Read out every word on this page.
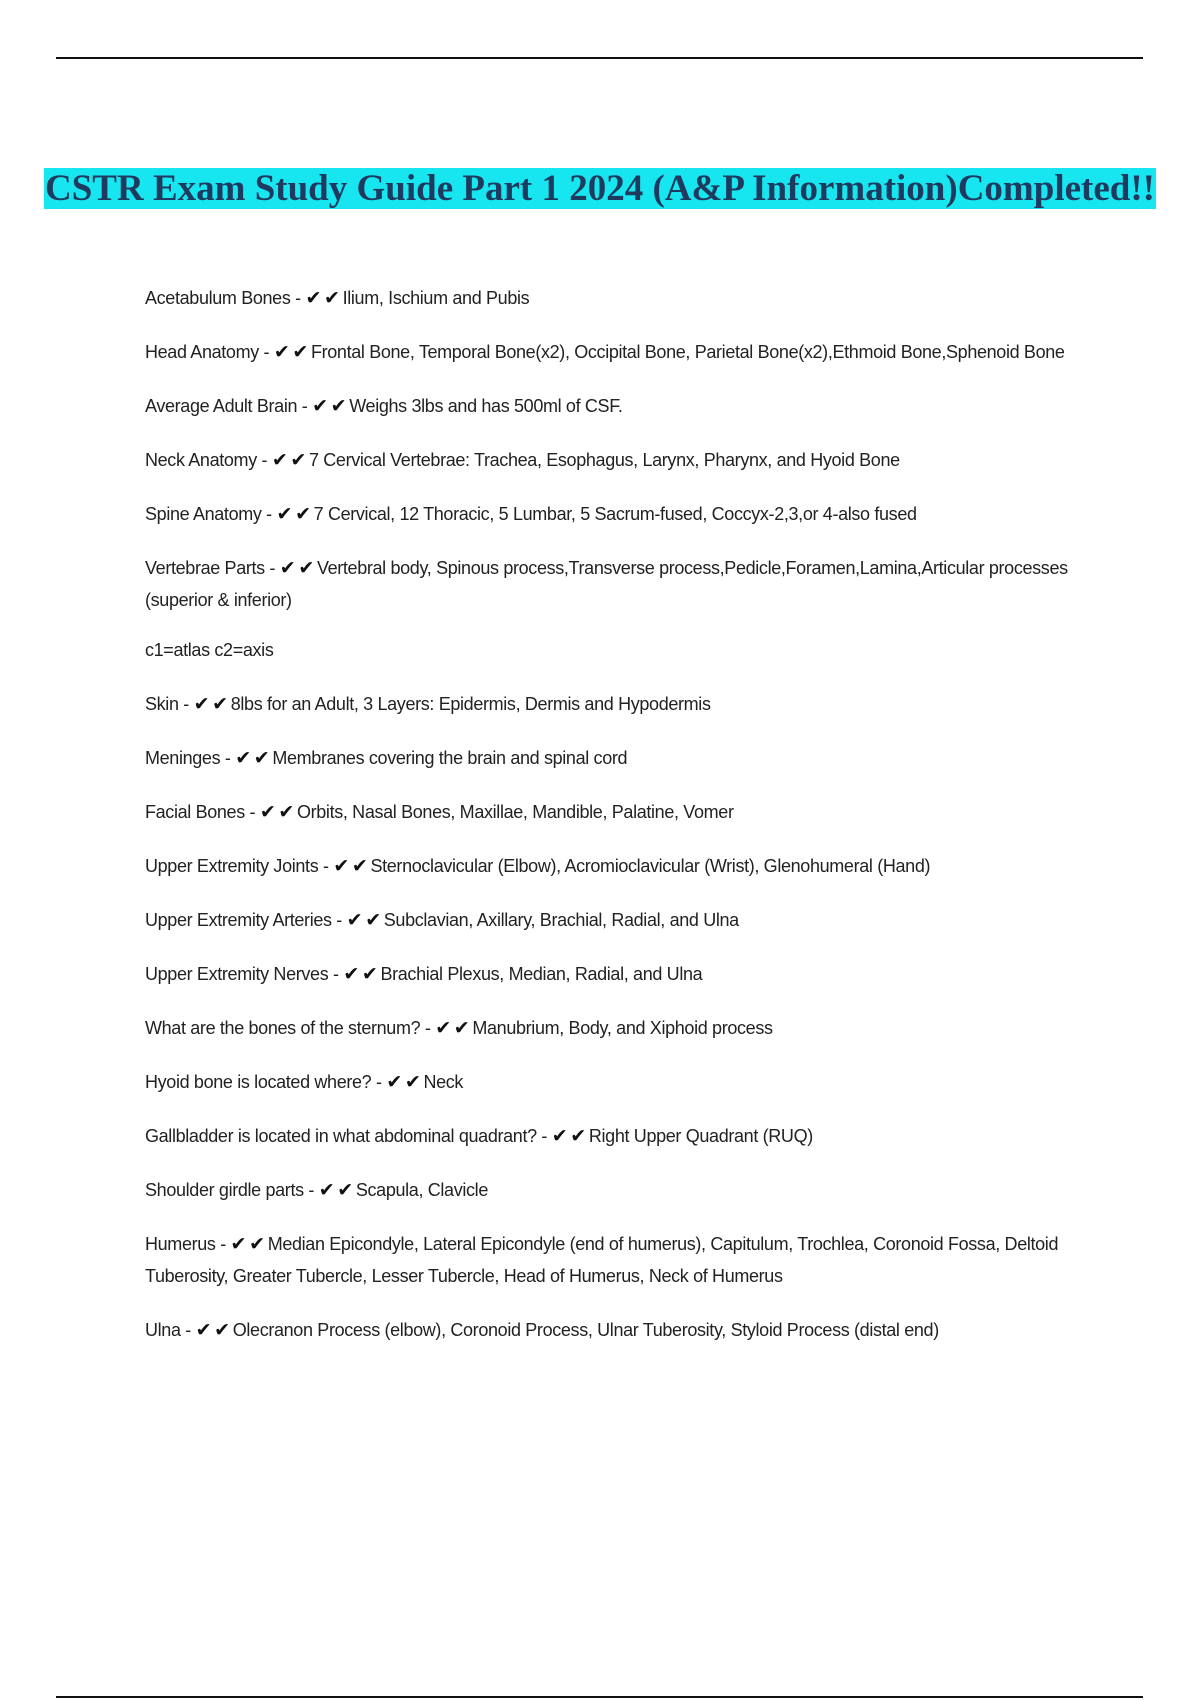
CSTR Exam Study Guide Part 1 2024 (A&P Information)Completed!!

Acetabulum Bones - ✔ ✔ Ilium, Ischium and Pubis

Head Anatomy - ✔ ✔ Frontal Bone, Temporal Bone(x2), Occipital Bone, Parietal Bone(x2),Ethmoid Bone,Sphenoid Bone

Average Adult Brain - ✔ ✔ Weighs 3lbs and has 500ml of CSF.

Neck Anatomy - ✔ ✔ 7 Cervical Vertebrae: Trachea, Esophagus, Larynx, Pharynx, and Hyoid Bone

Spine Anatomy - ✔ ✔ 7 Cervical, 12 Thoracic, 5 Lumbar, 5 Sacrum-fused, Coccyx-2,3,or 4-also fused

Vertebrae Parts - ✔ ✔ Vertebral body, Spinous process,Transverse process,Pedicle,Foramen,Lamina,Articular processes (superior & inferior)

c1=atlas c2=axis

Skin - ✔ ✔ 8lbs for an Adult, 3 Layers: Epidermis, Dermis and Hypodermis

Meninges - ✔ ✔ Membranes covering the brain and spinal cord

Facial Bones - ✔ ✔ Orbits, Nasal Bones, Maxillae, Mandible, Palatine, Vomer

Upper Extremity Joints - ✔ ✔ Sternoclavicular (Elbow), Acromioclavicular (Wrist), Glenohumeral (Hand)

Upper Extremity Arteries - ✔ ✔ Subclavian, Axillary, Brachial, Radial, and Ulna

Upper Extremity Nerves - ✔ ✔ Brachial Plexus, Median, Radial, and Ulna

What are the bones of the sternum? - ✔ ✔ Manubrium, Body, and Xiphoid process

Hyoid bone is located where? - ✔ ✔ Neck

Gallbladder is located in what abdominal quadrant? - ✔ ✔ Right Upper Quadrant (RUQ)

Shoulder girdle parts - ✔ ✔ Scapula, Clavicle

Humerus - ✔ ✔ Median Epicondyle, Lateral Epicondyle (end of humerus), Capitulum, Trochlea, Coronoid Fossa, Deltoid Tuberosity, Greater Tubercle, Lesser Tubercle, Head of Humerus, Neck of Humerus

Ulna - ✔ ✔ Olecranon Process (elbow), Coronoid Process, Ulnar Tuberosity, Styloid Process (distal end)
